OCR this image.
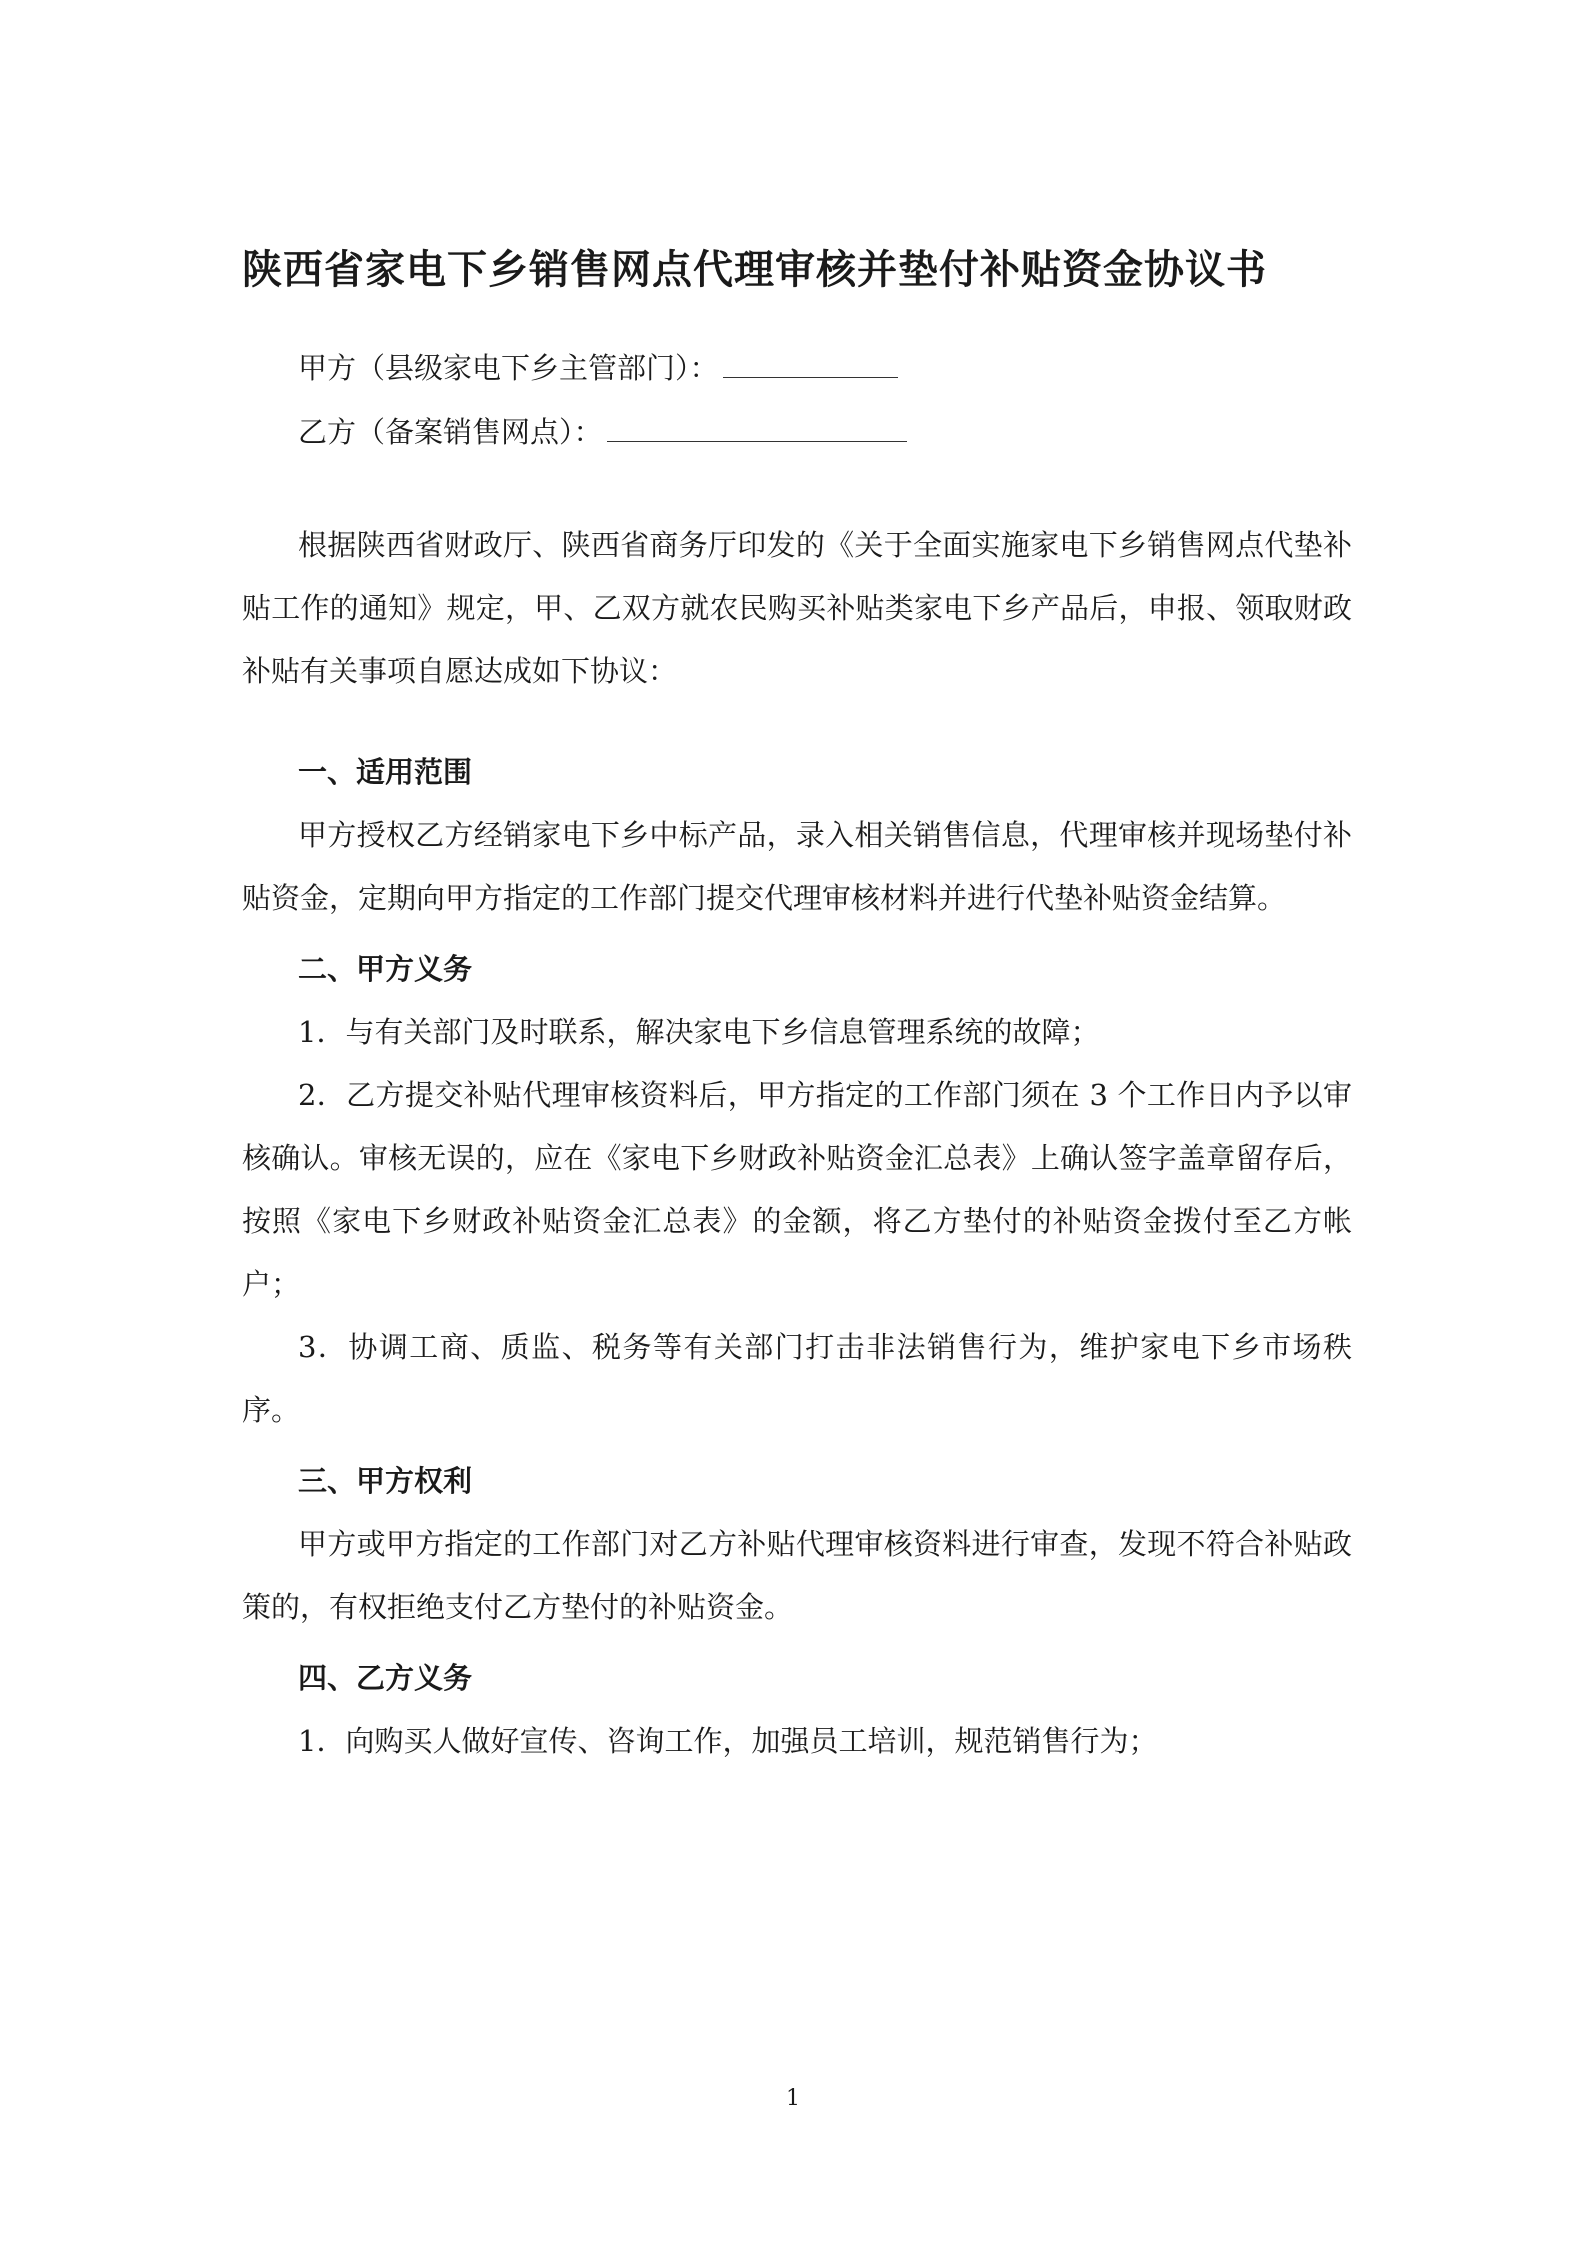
陕西省家电下乡销售网点代理审核并垫付补贴资金协议书
甲方（县级家电下乡主管部门）：
乙方（备案销售网点）：

根据陕西省财政厅、陕西省商务厅印发的《关于全面实施家电下乡销售网点代垫补贴工作的通知》规定，甲、乙双方就农民购买补贴类家电下乡产品后，申报、领取财政补贴有关事项自愿达成如下协议：

一、适用范围

甲方授权乙方经销家电下乡中标产品，录入相关销售信息，代理审核并现场垫付补贴资金，定期向甲方指定的工作部门提交代理审核材料并进行代垫补贴资金结算。

二、甲方义务

1．与有关部门及时联系，解决家电下乡信息管理系统的故障；

2．乙方提交补贴代理审核资料后，甲方指定的工作部门须在 3 个工作日内予以审核确认。审核无误的，应在《家电下乡财政补贴资金汇总表》上确认签字盖章留存后，按照《家电下乡财政补贴资金汇总表》的金额，将乙方垫付的补贴资金拨付至乙方帐户；

3．协调工商、质监、税务等有关部门打击非法销售行为，维护家电下乡市场秩序。

三、甲方权利

甲方或甲方指定的工作部门对乙方补贴代理审核资料进行审查，发现不符合补贴政策的，有权拒绝支付乙方垫付的补贴资金。

四、乙方义务

1．向购买人做好宣传、咨询工作，加强员工培训，规范销售行为；

1
